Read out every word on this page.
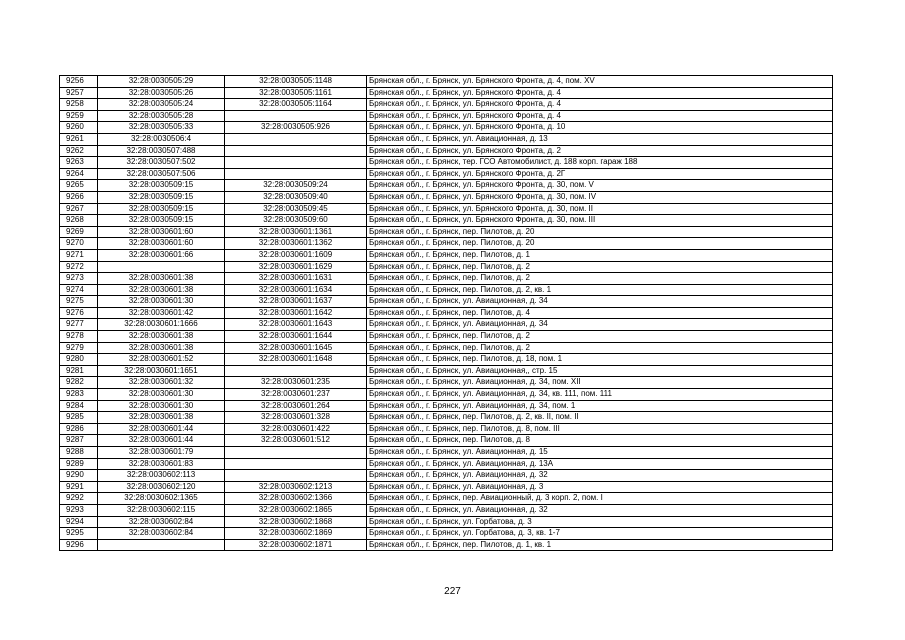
9256	32:28:0030505:29	32:28:0030505:1148	Брянская обл., г. Брянск, ул. Брянского Фронта, д. 4, пом. XV
9257	32:28:0030505:26	32:28:0030505:1161	Брянская обл., г. Брянск, ул. Брянского Фронта, д. 4
9258	32:28:0030505:24	32:28:0030505:1164	Брянская обл., г. Брянск, ул. Брянского Фронта, д. 4
9259	32:28:0030505:28		Брянская обл., г. Брянск, ул. Брянского Фронта, д. 4
9260	32:28:0030505:33	32:28:0030505:926	Брянская обл., г. Брянск, ул. Брянского Фронта, д. 10
9261	32:28:0030506:4		Брянская обл., г. Брянск, ул. Авиационная, д. 13
9262	32:28:0030507:488		Брянская обл., г. Брянск, ул. Брянского Фронта, д. 2
9263	32:28:0030507:502		Брянская обл., г. Брянск, тер. ГСО Автомобилист, д. 188 корп. гараж 188
9264	32:28:0030507:506		Брянская обл., г. Брянск, ул. Брянского Фронта, д. 2Г
9265	32:28:0030509:15	32:28:0030509:24	Брянская обл., г. Брянск, ул. Брянского Фронта, д. 30, пом. V
9266	32:28:0030509:15	32:28:0030509:40	Брянская обл., г. Брянск, ул. Брянского Фронта, д. 30, пом. IV
9267	32:28:0030509:15	32:28:0030509:45	Брянская обл., г. Брянск, ул. Брянского Фронта, д. 30, пом. II
9268	32:28:0030509:15	32:28:0030509:60	Брянская обл., г. Брянск, ул. Брянского Фронта, д. 30, пом. III
9269	32:28:0030601:60	32:28:0030601:1361	Брянская обл., г. Брянск, пер. Пилотов, д. 20
9270	32:28:0030601:60	32:28:0030601:1362	Брянская обл., г. Брянск, пер. Пилотов, д. 20
9271	32:28:0030601:66	32:28:0030601:1609	Брянская обл., г. Брянск, пер. Пилотов, д. 1
9272		32:28:0030601:1629	Брянская обл., г. Брянск, пер. Пилотов, д. 2
9273	32:28:0030601:38	32:28:0030601:1631	Брянская обл., г. Брянск, пер. Пилотов, д. 2
9274	32:28:0030601:38	32:28:0030601:1634	Брянская обл., г. Брянск, пер. Пилотов, д. 2, кв. 1
9275	32:28:0030601:30	32:28:0030601:1637	Брянская обл., г. Брянск, ул. Авиационная, д. 34
9276	32:28:0030601:42	32:28:0030601:1642	Брянская обл., г. Брянск, пер. Пилотов, д. 4
9277	32:28:0030601:1666	32:28:0030601:1643	Брянская обл., г. Брянск, ул. Авиационная, д. 34
9278	32:28:0030601:38	32:28:0030601:1644	Брянская обл., г. Брянск, пер. Пилотов, д. 2
9279	32:28:0030601:38	32:28:0030601:1645	Брянская обл., г. Брянск, пер. Пилотов, д. 2
9280	32:28:0030601:52	32:28:0030601:1648	Брянская обл., г. Брянск, пер. Пилотов, д. 18, пом. 1
9281	32:28:0030601:1651		Брянская обл., г. Брянск, ул. Авиационная,, стр. 15
9282	32:28:0030601:32	32:28:0030601:235	Брянская обл., г. Брянск, ул. Авиационная, д. 34, пом. XII
9283	32:28:0030601:30	32:28:0030601:237	Брянская обл., г. Брянск, ул. Авиационная, д. 34, кв. 111, пом. 111
9284	32:28:0030601:30	32:28:0030601:264	Брянская обл., г. Брянск, ул. Авиационная, д. 34, пом. 1
9285	32:28:0030601:38	32:28:0030601:328	Брянская обл., г. Брянск, пер. Пилотов, д. 2, кв. II, пом. II
9286	32:28:0030601:44	32:28:0030601:422	Брянская обл., г. Брянск, пер. Пилотов, д. 8, пом. III
9287	32:28:0030601:44	32:28:0030601:512	Брянская обл., г. Брянск, пер. Пилотов, д. 8
9288	32:28:0030601:79		Брянская обл., г. Брянск, ул. Авиационная, д. 15
9289	32:28:0030601:83		Брянская обл., г. Брянск, ул. Авиационная, д. 13А
9290	32:28:0030602:113		Брянская обл., г. Брянск, ул. Авиационная, д. 32
9291	32:28:0030602:120	32:28:0030602:1213	Брянская обл., г. Брянск, ул. Авиационная, д. 3
9292	32:28:0030602:1365	32:28:0030602:1366	Брянская обл., г. Брянск, пер. Авиационный, д. 3 корп. 2, пом. I
9293	32:28:0030602:115	32:28:0030602:1865	Брянская обл., г. Брянск, ул. Авиационная, д. 32
9294	32:28:0030602:84	32:28:0030602:1868	Брянская обл., г. Брянск, ул. Горбатова, д. 3
9295	32:28:0030602:84	32:28:0030602:1869	Брянская обл., г. Брянск, ул. Горбатова, д. 3, кв. 1-7
9296		32:28:0030602:1871	Брянская обл., г. Брянск, пер. Пилотов, д. 1, кв. 1
227
